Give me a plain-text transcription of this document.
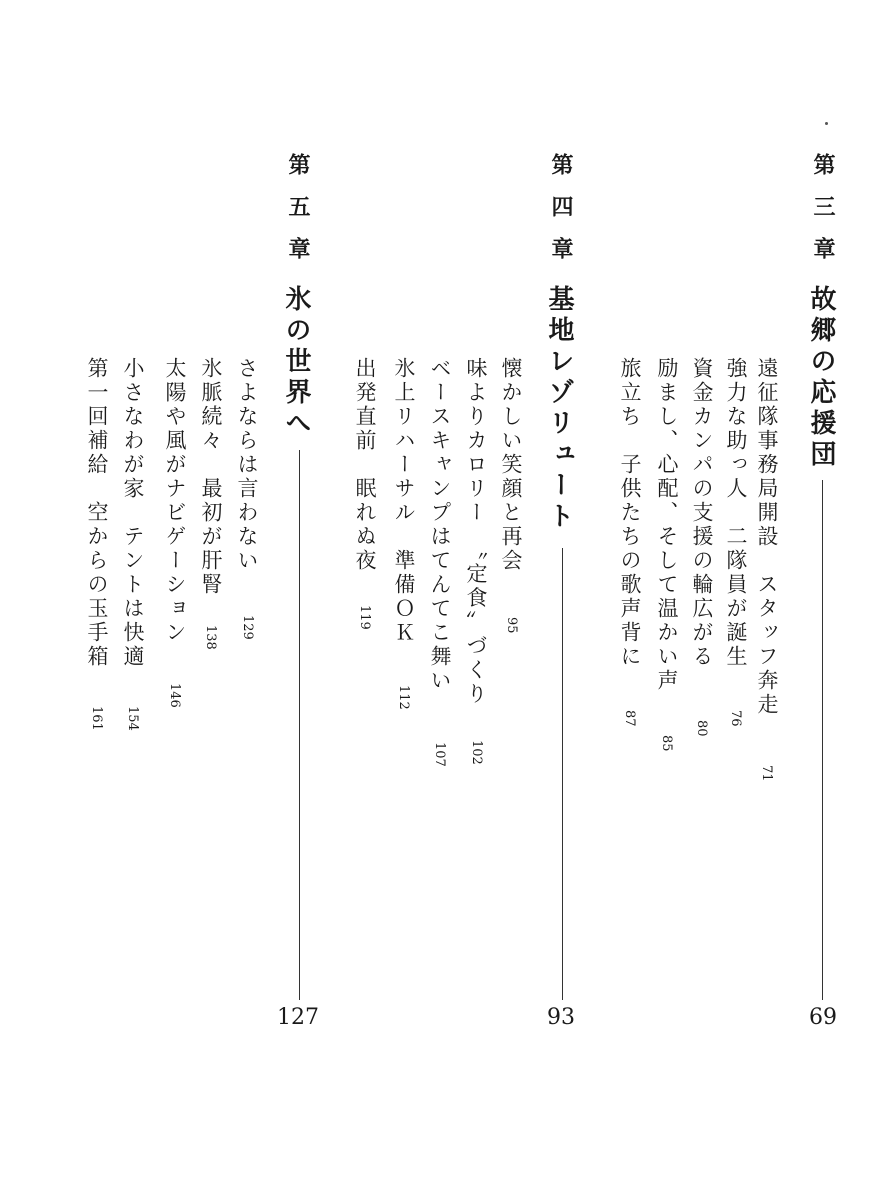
第三章
故郷の応援団
69
遠征隊事務局開設　スタッフ奔走
71
強力な助っ人　二隊員が誕生
76
資金カンパの支援の輪広がる
80
励まし、心配、そして温かい声
85
旅立ち　子供たちの歌声背に
87
第四章
基地レゾリュート
93
懐かしい笑顔と再会
95
味よりカロリー　〝定食〟づくり
102
ベースキャンプはてんてこ舞い
107
氷上リハーサル　準備ＯＫ
112
出発直前　眠れぬ夜
119
第五章
氷の世界へ
127
さよならは言わない
129
氷脈続々　最初が肝腎
138
太陽や風がナビゲーション
146
小さなわが家　テントは快適
154
第一回補給　空からの玉手箱
161
